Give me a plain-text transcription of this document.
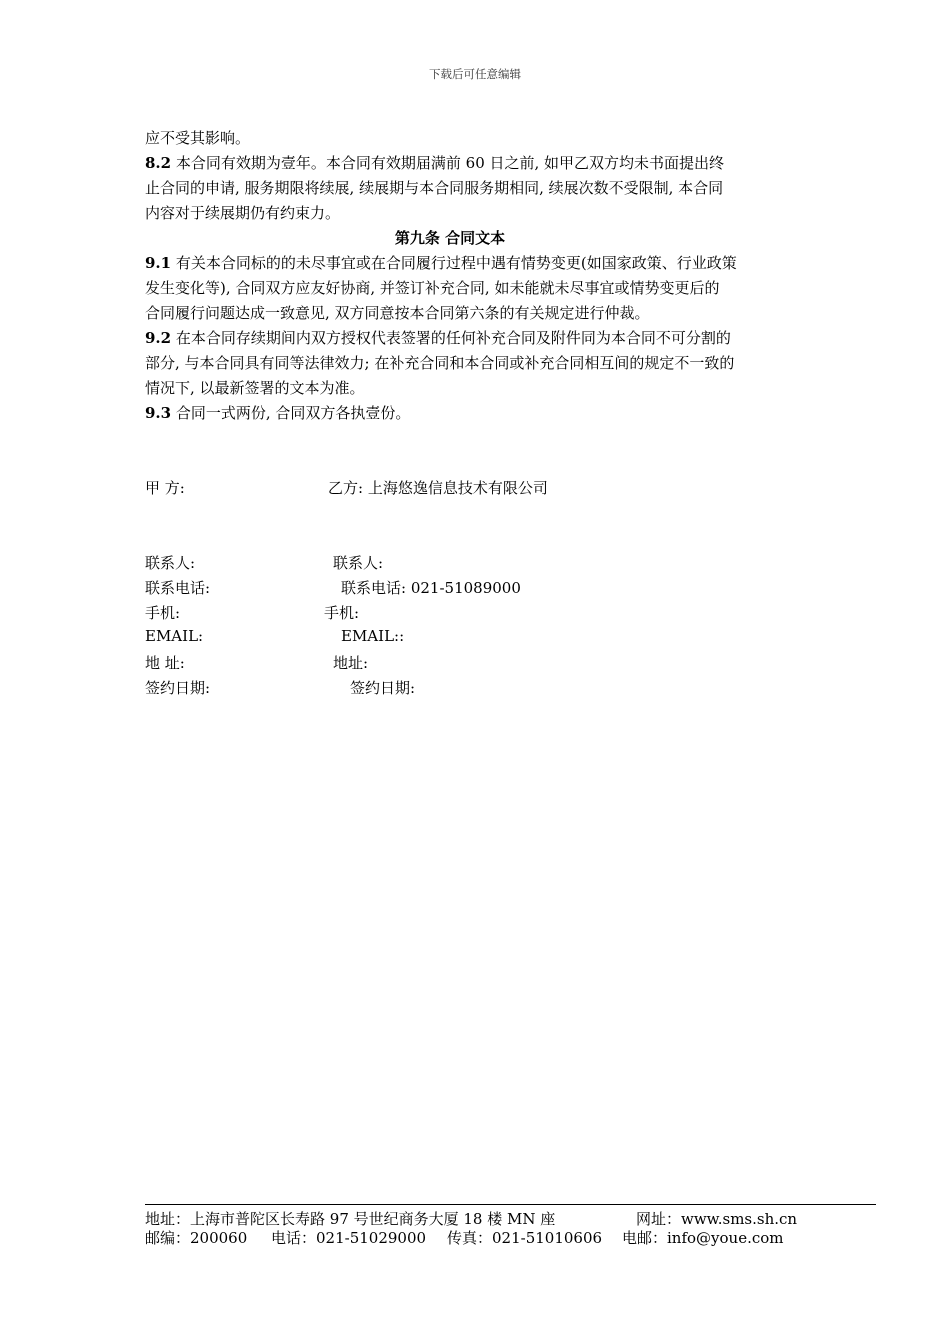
下载后可任意编辑
应不受其影响。
8.2 本合同有效期为壹年。本合同有效期届满前 60 日之前, 如甲乙双方均未书面提出终
止合同的申请, 服务期限将续展, 续展期与本合同服务期相同, 续展次数不受限制, 本合同
内容对于续展期仍有约束力。
第九条 合同文本
9.1 有关本合同标的的未尽事宜或在合同履行过程中遇有情势变更(如国家政策、行业政策
发生变化等), 合同双方应友好协商, 并签订补充合同, 如未能就未尽事宜或情势变更后的
合同履行问题达成一致意见, 双方同意按本合同第六条的有关规定进行仲裁。
9.2 在本合同存续期间内双方授权代表签署的任何补充合同及附件同为本合同不可分割的
部分, 与本合同具有同等法律效力; 在补充合同和本合同或补充合同相互间的规定不一致的
情况下, 以最新签署的文本为准。
9.3 合同一式两份, 合同双方各执壹份。
甲 方:	乙方: 上海悠逸信息技术有限公司
联系人:	联系人:
联系电话:	联系电话: 021-51089000
手机:	手机:
EMAIL:	EMAIL::
地 址:	地址:
签约日期:	签约日期:
地址：上海市普陀区长寿路 97 号世纪商务大厦 18 楼 MN 座	网址：www.sms.sh.cn
邮编：200060 电话：021-51029000 传真：021-51010606 电邮：info@youe.com
